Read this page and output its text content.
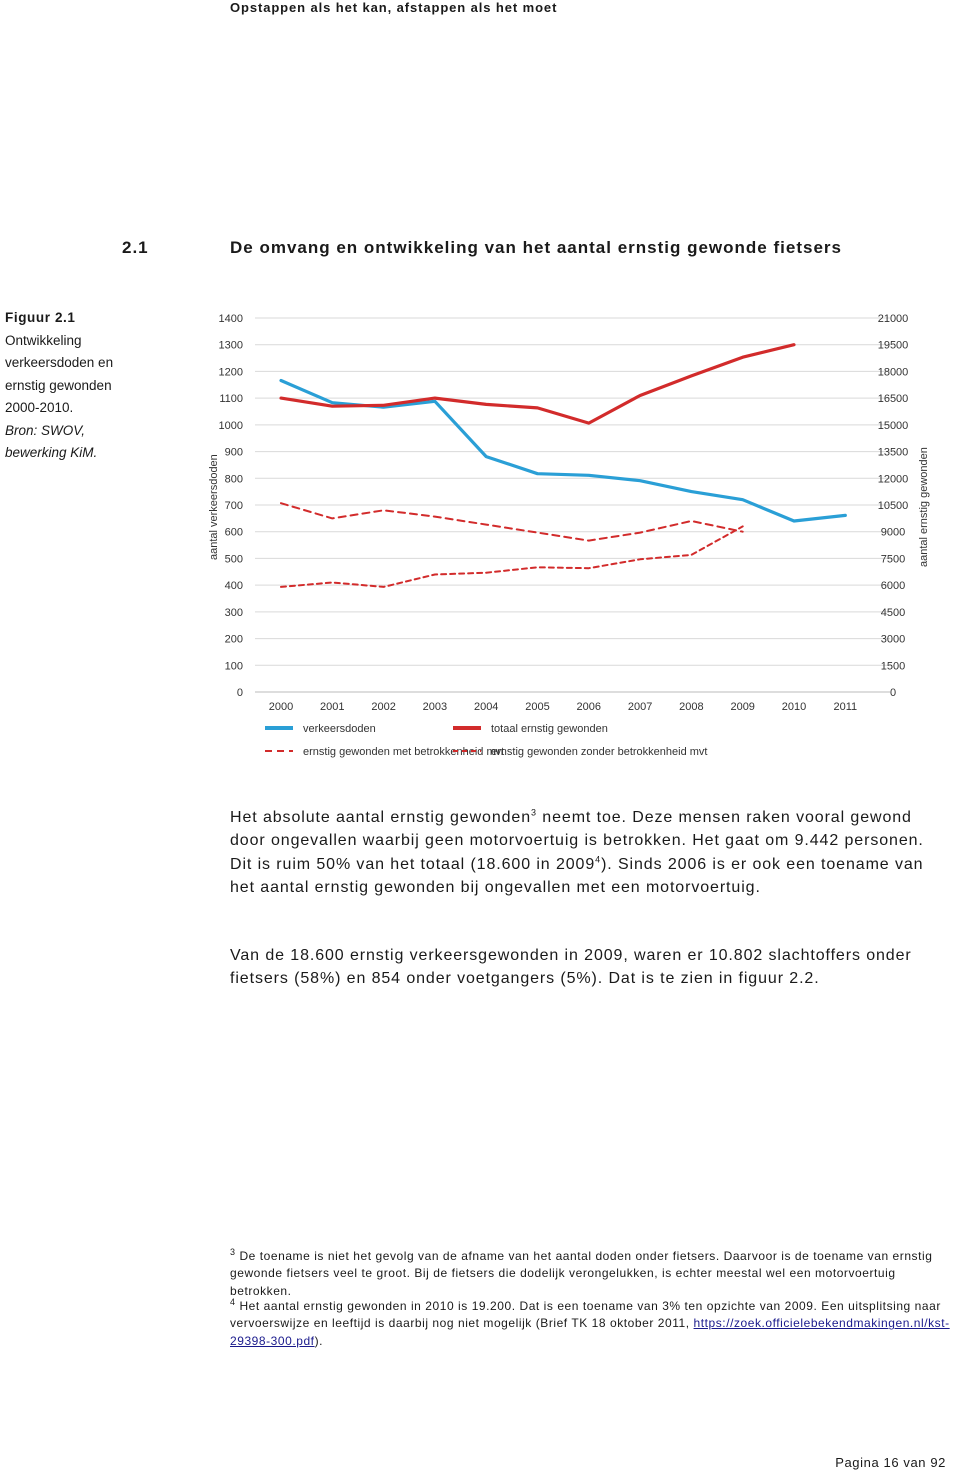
Opstappen als het kan, afstappen als het moet
2.1	De omvang en ontwikkeling van het aantal ernstig gewonde fietsers
Figuur 2.1
Ontwikkeling verkeersdoden en ernstig gewonden 2000-2010.
Bron: SWOV, bewerking KiM.
0
100
200
300
400
500
600
700
800
900
1000
1100
1200
1300
1400
0
1500
3000
4500
6000
7500
9000
10500
12000
13500
15000
16500
18000
19500
21000
2000 2001 2002 2003 2004 2005 2006 2007 2008 2009 2010 2011
aantal verkeersdoden	aantal ernstig gewonden
verkeersdoden	totaal ernstig gewonden
ernstig gewonden met betrokkenheid mvt
ernstig gewonden zonder betrokkenheid mvt
Het absolute aantal ernstig gewonden$^3$ neemt toe. Deze mensen raken vooral gewond door ongevallen waarbij geen motorvoertuig is betrokken. Het gaat om 9.442 personen. Dit is ruim 50% van het totaal (18.600 in 2009$^4$). Sinds 2006 is er ook een toename van het aantal ernstig gewonden bij ongevallen met een motorvoertuig.
Van de 18.600 ernstig verkeersgewonden in 2009, waren er 10.802 slachtoffers onder fietsers (58%) en 854 onder voetgangers (5%). Dat is te zien in figuur 2.2.
$^3$ De toename is niet het gevolg van de afname van het aantal doden onder fietsers. Daarvoor is de toename van ernstig gewonde fietsers veel te groot. Bij de fietsers die dodelijk verongelukken, is echter meestal wel een motorvoertuig betrokken.
$^4$ Het aantal ernstig gewonden in 2010 is 19.200. Dat is een toename van 3% ten opzichte van 2009. Een uitsplitsing naar vervoerswijze en leeftijd is daarbij nog niet mogelijk (Brief TK 18 oktober 2011, https://zoek.officielebekendmakingen.nl/kst-29398-300.pdf).
Pagina 16 van 92
